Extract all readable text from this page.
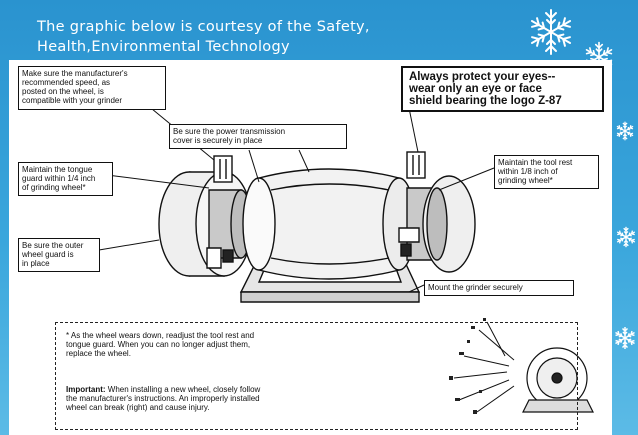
The graphic below is courtesy of the Safety,
Health,Environmental Technology
Make sure the manufacturer's
recommended speed, as
posted on the wheel, is
compatible with your grinder
Always protect your eyes--
wear only an eye or face
shield bearing the logo Z-87
Be sure the power transmission
cover is securely in place
Maintain the tongue
guard within 1/4 inch
of grinding wheel*
Maintain the tool rest
within 1/8 inch of
grinding wheel*
Be sure the outer
wheel guard is
in place
Mount the grinder securely
* As the wheel wears down, readjust the tool rest and
tongue guard. When you can no longer adjust them,
replace the wheel.
Important: When installing a new wheel, closely follow
the manufacturer's instructions. An improperly installed
wheel can break (right) and cause injury.
